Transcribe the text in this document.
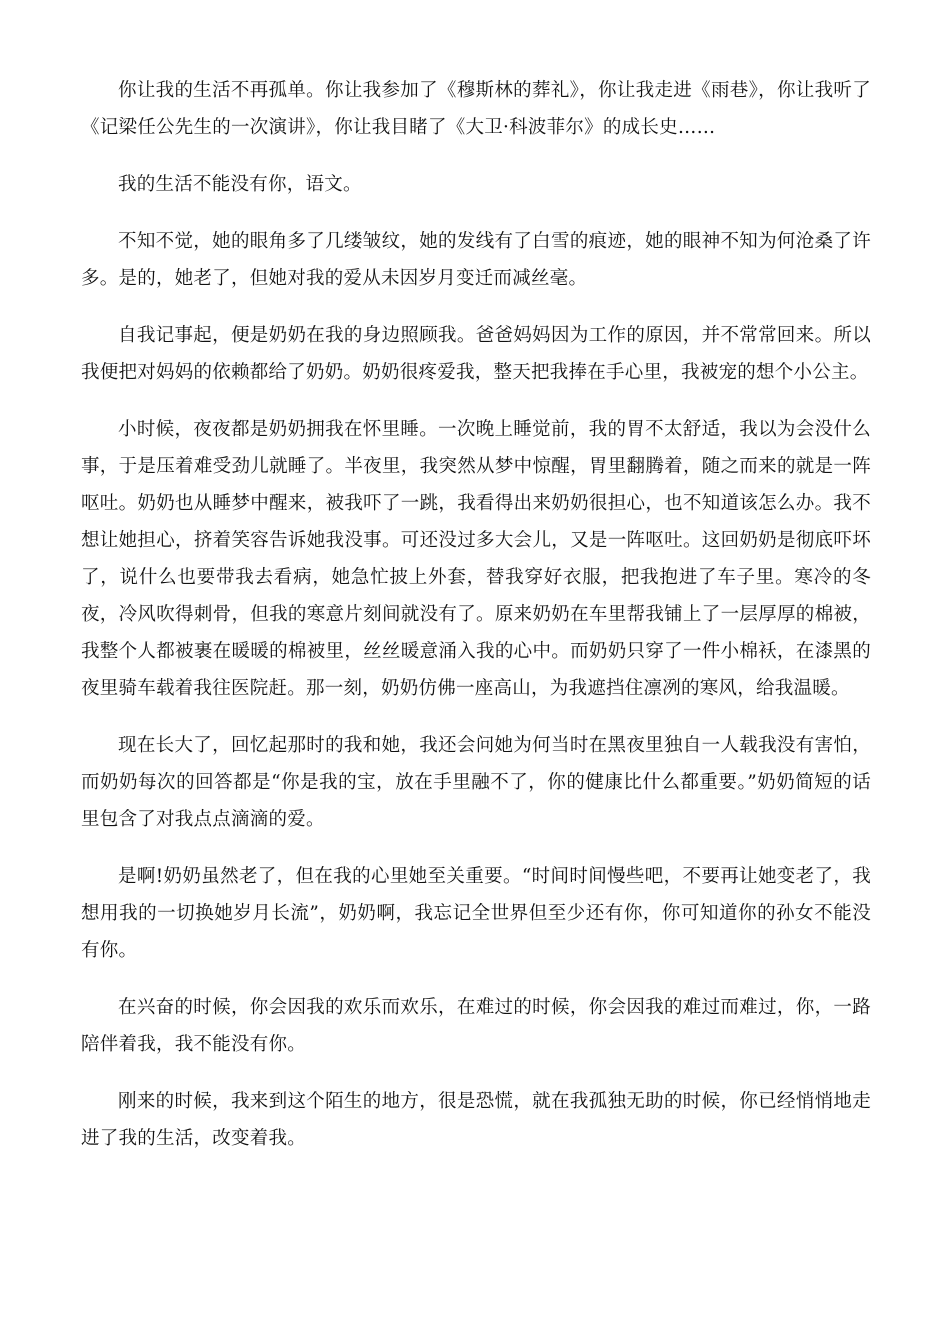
你让我的生活不再孤单。你让我参加了《穆斯林的葬礼》，你让我走进《雨巷》，你让我听了《记梁任公先生的一次演讲》，你让我目睹了《大卫·科波菲尔》的成长史……

我的生活不能没有你，语文。

不知不觉，她的眼角多了几缕皱纹，她的发线有了白雪的痕迹，她的眼神不知为何沧桑了许多。是的，她老了，但她对我的爱从未因岁月变迁而减丝毫。

自我记事起，便是奶奶在我的身边照顾我。爸爸妈妈因为工作的原因，并不常常回来。所以我便把对妈妈的依赖都给了奶奶。奶奶很疼爱我，整天把我捧在手心里，我被宠的想个小公主。

小时候，夜夜都是奶奶拥我在怀里睡。一次晚上睡觉前，我的胃不太舒适，我以为会没什么事，于是压着难受劲儿就睡了。半夜里，我突然从梦中惊醒，胃里翻腾着，随之而来的就是一阵呕吐。奶奶也从睡梦中醒来，被我吓了一跳，我看得出来奶奶很担心，也不知道该怎么办。我不想让她担心，挤着笑容告诉她我没事。可还没过多大会儿，又是一阵呕吐。这回奶奶是彻底吓坏了，说什么也要带我去看病，她急忙披上外套，替我穿好衣服，把我抱进了车子里。寒冷的冬夜，冷风吹得刺骨，但我的寒意片刻间就没有了。原来奶奶在车里帮我铺上了一层厚厚的棉被，我整个人都被裹在暖暖的棉被里，丝丝暖意涌入我的心中。而奶奶只穿了一件小棉袄，在漆黑的夜里骑车载着我往医院赶。那一刻，奶奶仿佛一座高山，为我遮挡住凛冽的寒风，给我温暖。

现在长大了，回忆起那时的我和她，我还会问她为何当时在黑夜里独自一人载我没有害怕，而奶奶每次的回答都是“你是我的宝，放在手里融不了，你的健康比什么都重要。”奶奶简短的话里包含了对我点点滴滴的爱。

是啊!奶奶虽然老了，但在我的心里她至关重要。“时间时间慢些吧，不要再让她变老了，我想用我的一切换她岁月长流”，奶奶啊，我忘记全世界但至少还有你，你可知道你的孙女不能没有你。

在兴奋的时候，你会因我的欢乐而欢乐，在难过的时候，你会因我的难过而难过，你，一路陪伴着我，我不能没有你。

刚来的时候，我来到这个陌生的地方，很是恐慌，就在我孤独无助的时候，你已经悄悄地走进了我的生活，改变着我。
